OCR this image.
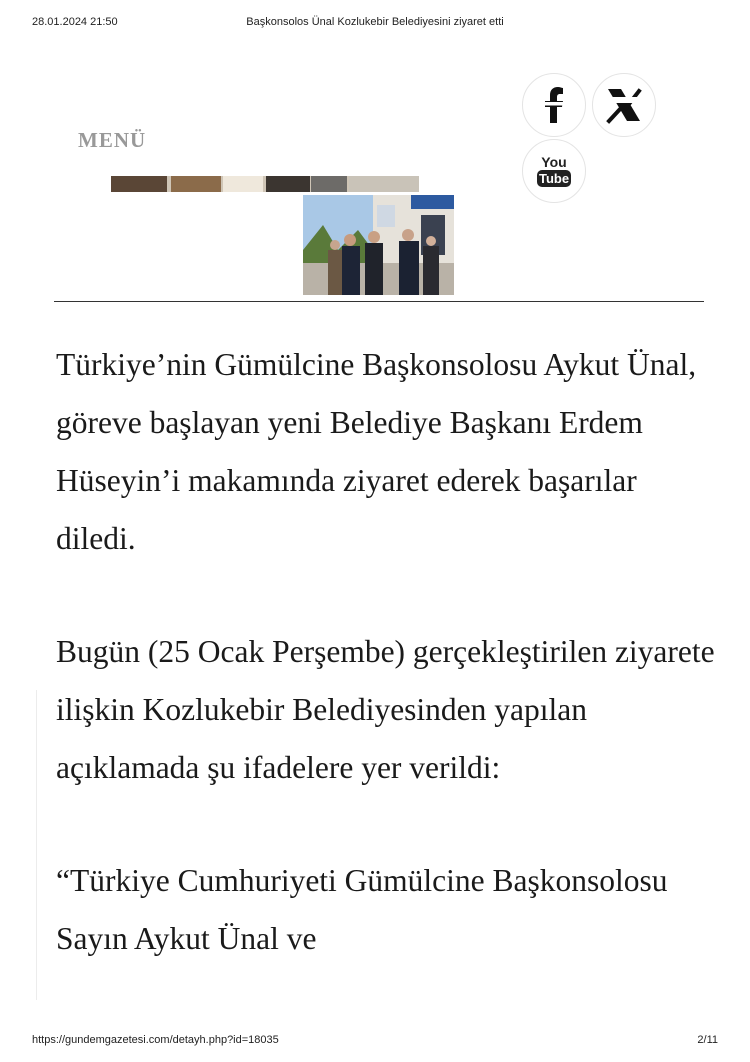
28.01.2024 21:50	Başkonsolos Ünal Kozlukebir Belediyesini ziyaret etti
MENÜ
You
Tube

Türkiye’nin Gümülcine Başkonsolosu Aykut Ünal, göreve başlayan yeni Belediye Başkanı Erdem Hüseyin’i makamında ziyaret ederek başarılar diledi.

Bugün (25 Ocak Perşembe) gerçekleştirilen ziyarete ilişkin Kozlukebir Belediyesinden yapılan açıklamada şu ifadelere yer verildi:

“Türkiye Cumhuriyeti Gümülcine Başkonsolosu Sayın Aykut Ünal ve

https://gundemgazetesi.com/detayh.php?id=18035	2/11
